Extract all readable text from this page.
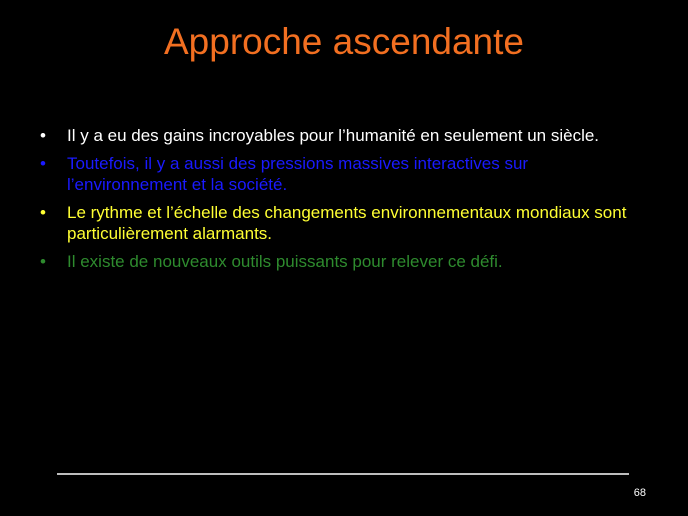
Approche ascendante
• Il y a eu des gains incroyables pour l’humanité en seulement un siècle.
• Toutefois, il y a aussi des pressions massives interactives sur l’environnement et la société.
• Le rythme et l’échelle des changements environnementaux mondiaux sont particulièrement alarmants.
• Il existe de nouveaux outils puissants pour relever ce défi.
68
